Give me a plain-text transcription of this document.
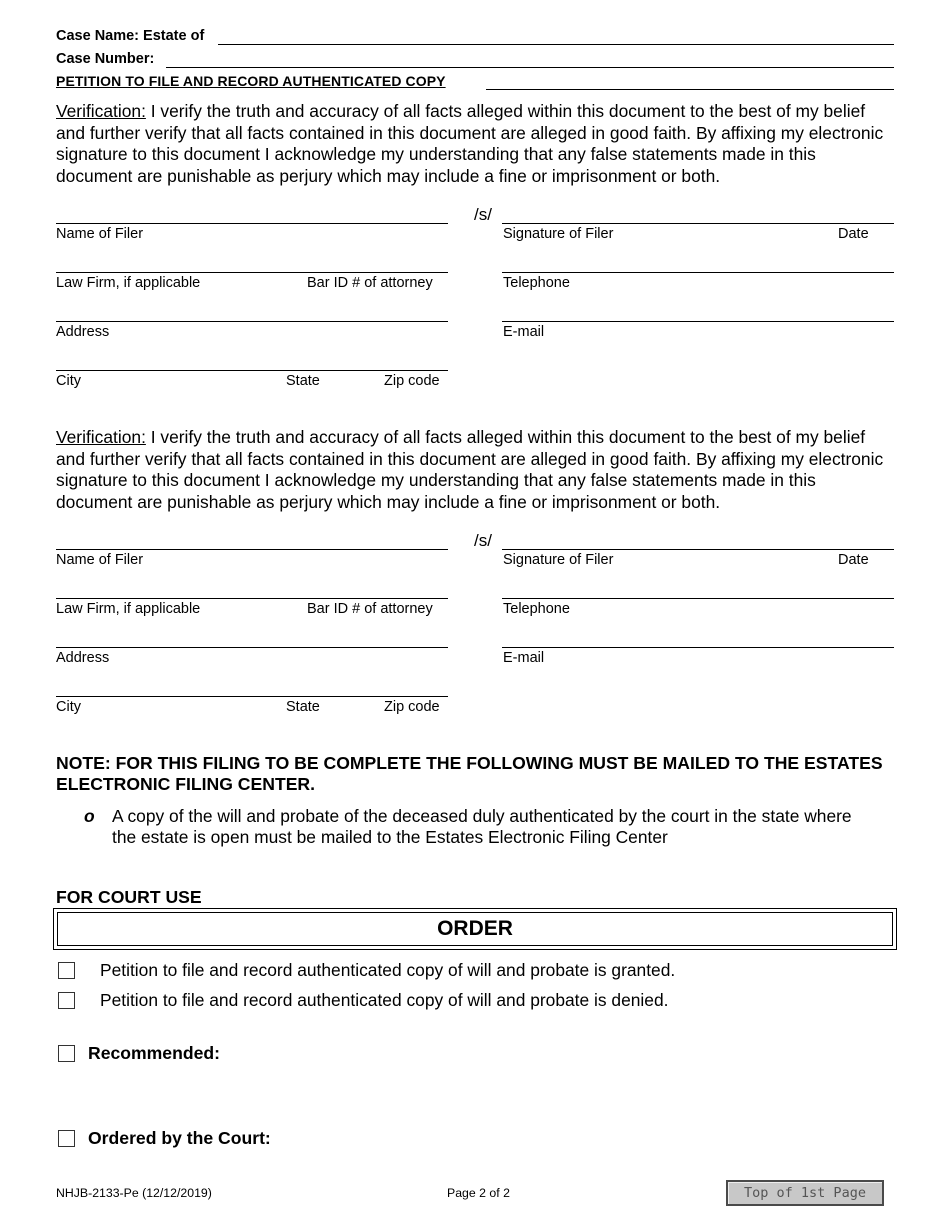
Case Name: Estate of
Case Number:
PETITION TO FILE AND RECORD AUTHENTICATED COPY
Verification: I verify the truth and accuracy of all facts alleged within this document to the best of my belief and further verify that all facts contained in this document are alleged in good faith. By affixing my electronic signature to this document I acknowledge my understanding that any false statements made in this document are punishable as perjury which may include a fine or imprisonment or both.
/s/
Name of Filer	Signature of Filer	Date
Law Firm, if applicable	Bar ID # of attorney	Telephone
Address	E-mail
City	State	Zip code
Verification: I verify the truth and accuracy of all facts alleged within this document to the best of my belief and further verify that all facts contained in this document are alleged in good faith. By affixing my electronic signature to this document I acknowledge my understanding that any false statements made in this document are punishable as perjury which may include a fine or imprisonment or both.
/s/
Name of Filer	Signature of Filer	Date
Law Firm, if applicable	Bar ID # of attorney	Telephone
Address	E-mail
City	State	Zip code
NOTE: FOR THIS FILING TO BE COMPLETE THE FOLLOWING MUST BE MAILED TO THE ESTATES ELECTRONIC FILING CENTER.
o A copy of the will and probate of the deceased duly authenticated by the court in the state where the estate is open must be mailed to the Estates Electronic Filing Center
FOR COURT USE
ORDER
Petition to file and record authenticated copy of will and probate is granted.
Petition to file and record authenticated copy of will and probate is denied.
Recommended:
Ordered by the Court:
NHJB-2133-Pe (12/12/2019)	Page 2 of 2	Top of 1st Page
